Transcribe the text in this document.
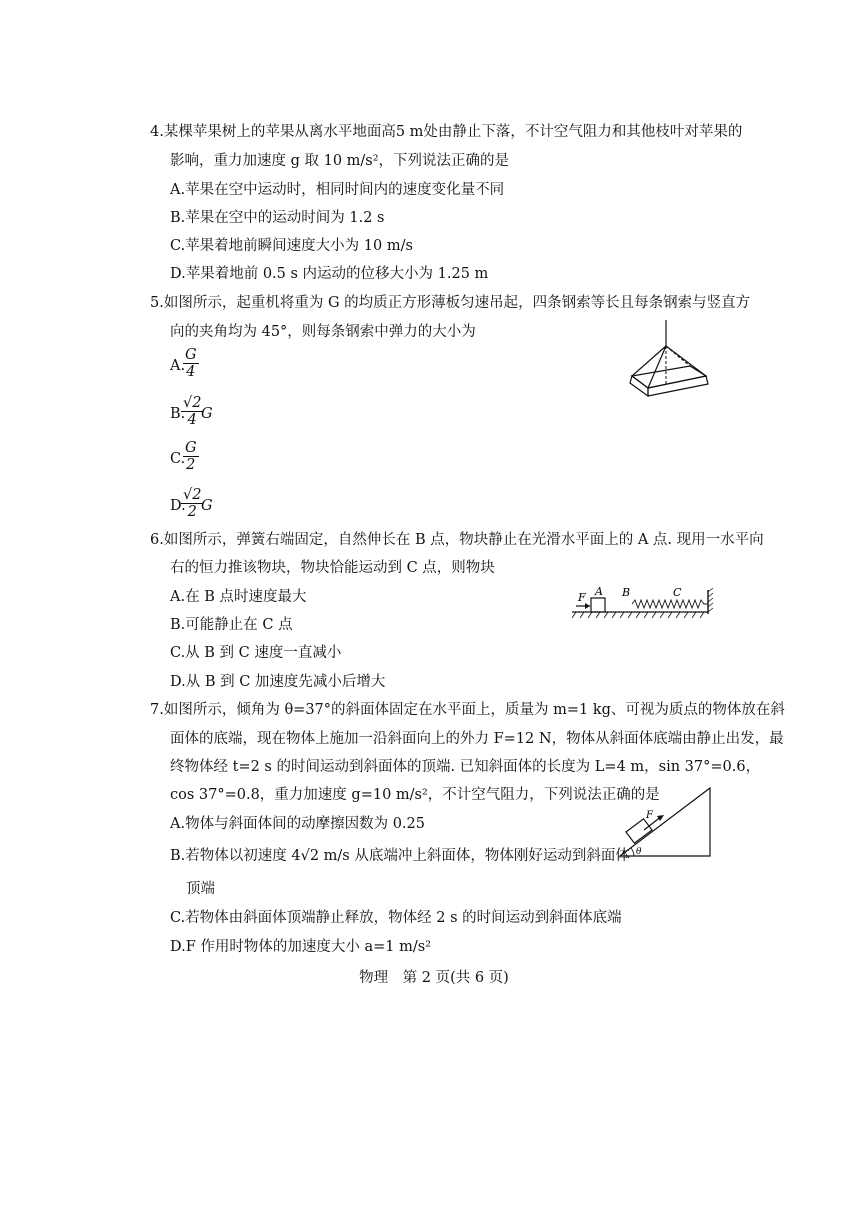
4.某棵苹果树上的苹果从离水平地面高5 m处由静止下落，不计空气阻力和其他枝叶对苹果的
影响，重力加速度 g 取 10 m/s²，下列说法正确的是
A.苹果在空中运动时，相同时间内的速度变化量不同
B.苹果在空中的运动时间为 1.2 s
C.苹果着地前瞬间速度大小为 10 m/s
D.苹果着地前 0.5 s 内运动的位移大小为 1.25 m
5.如图所示，起重机将重为 G 的均质正方形薄板匀速吊起，四条钢索等长且每条钢索与竖直方
向的夹角均为 45°，则每条钢索中弹力的大小为
A.
$\frac{G}{4}$
B.
$\frac{√2}{4}$
G
C.
$\frac{G}{2}$
D.
$\frac{√2}{2}$
G
6.如图所示，弹簧右端固定，自然伸长在 B 点，物块静止在光滑水平面上的 A 点. 现用一水平向
右的恒力推该物块，物块恰能运动到 C 点，则物块
A.在 B 点时速度最大
B.可能静止在 C 点
C.从 B 到 C 速度一直减小
D.从 B 到 C 加速度先减小后增大
F A B	C
7.如图所示，倾角为 θ=37°的斜面体固定在水平面上，质量为 m=1 kg、可视为质点的物体放在斜
面体的底端，现在物体上施加一沿斜面向上的外力 F=12 N，物体从斜面体底端由静止出发，最
终物体经 t=2 s 的时间运动到斜面体的顶端. 已知斜面体的长度为 L=4 m，sin 37°=0.6，
cos 37°=0.8，重力加速度 g=10 m/s²，不计空气阻力，下列说法正确的是
A.物体与斜面体间的动摩擦因数为 0.25
B.若物体以初速度 4√2 m/s 从底端冲上斜面体，物体刚好运动到斜面体
顶端
C.若物体由斜面体顶端静止释放，物体经 2 s 的时间运动到斜面体底端
D.F 作用时物体的加速度大小 a=1 m/s²
F
θ
物理　第 2 页(共 6 页)
